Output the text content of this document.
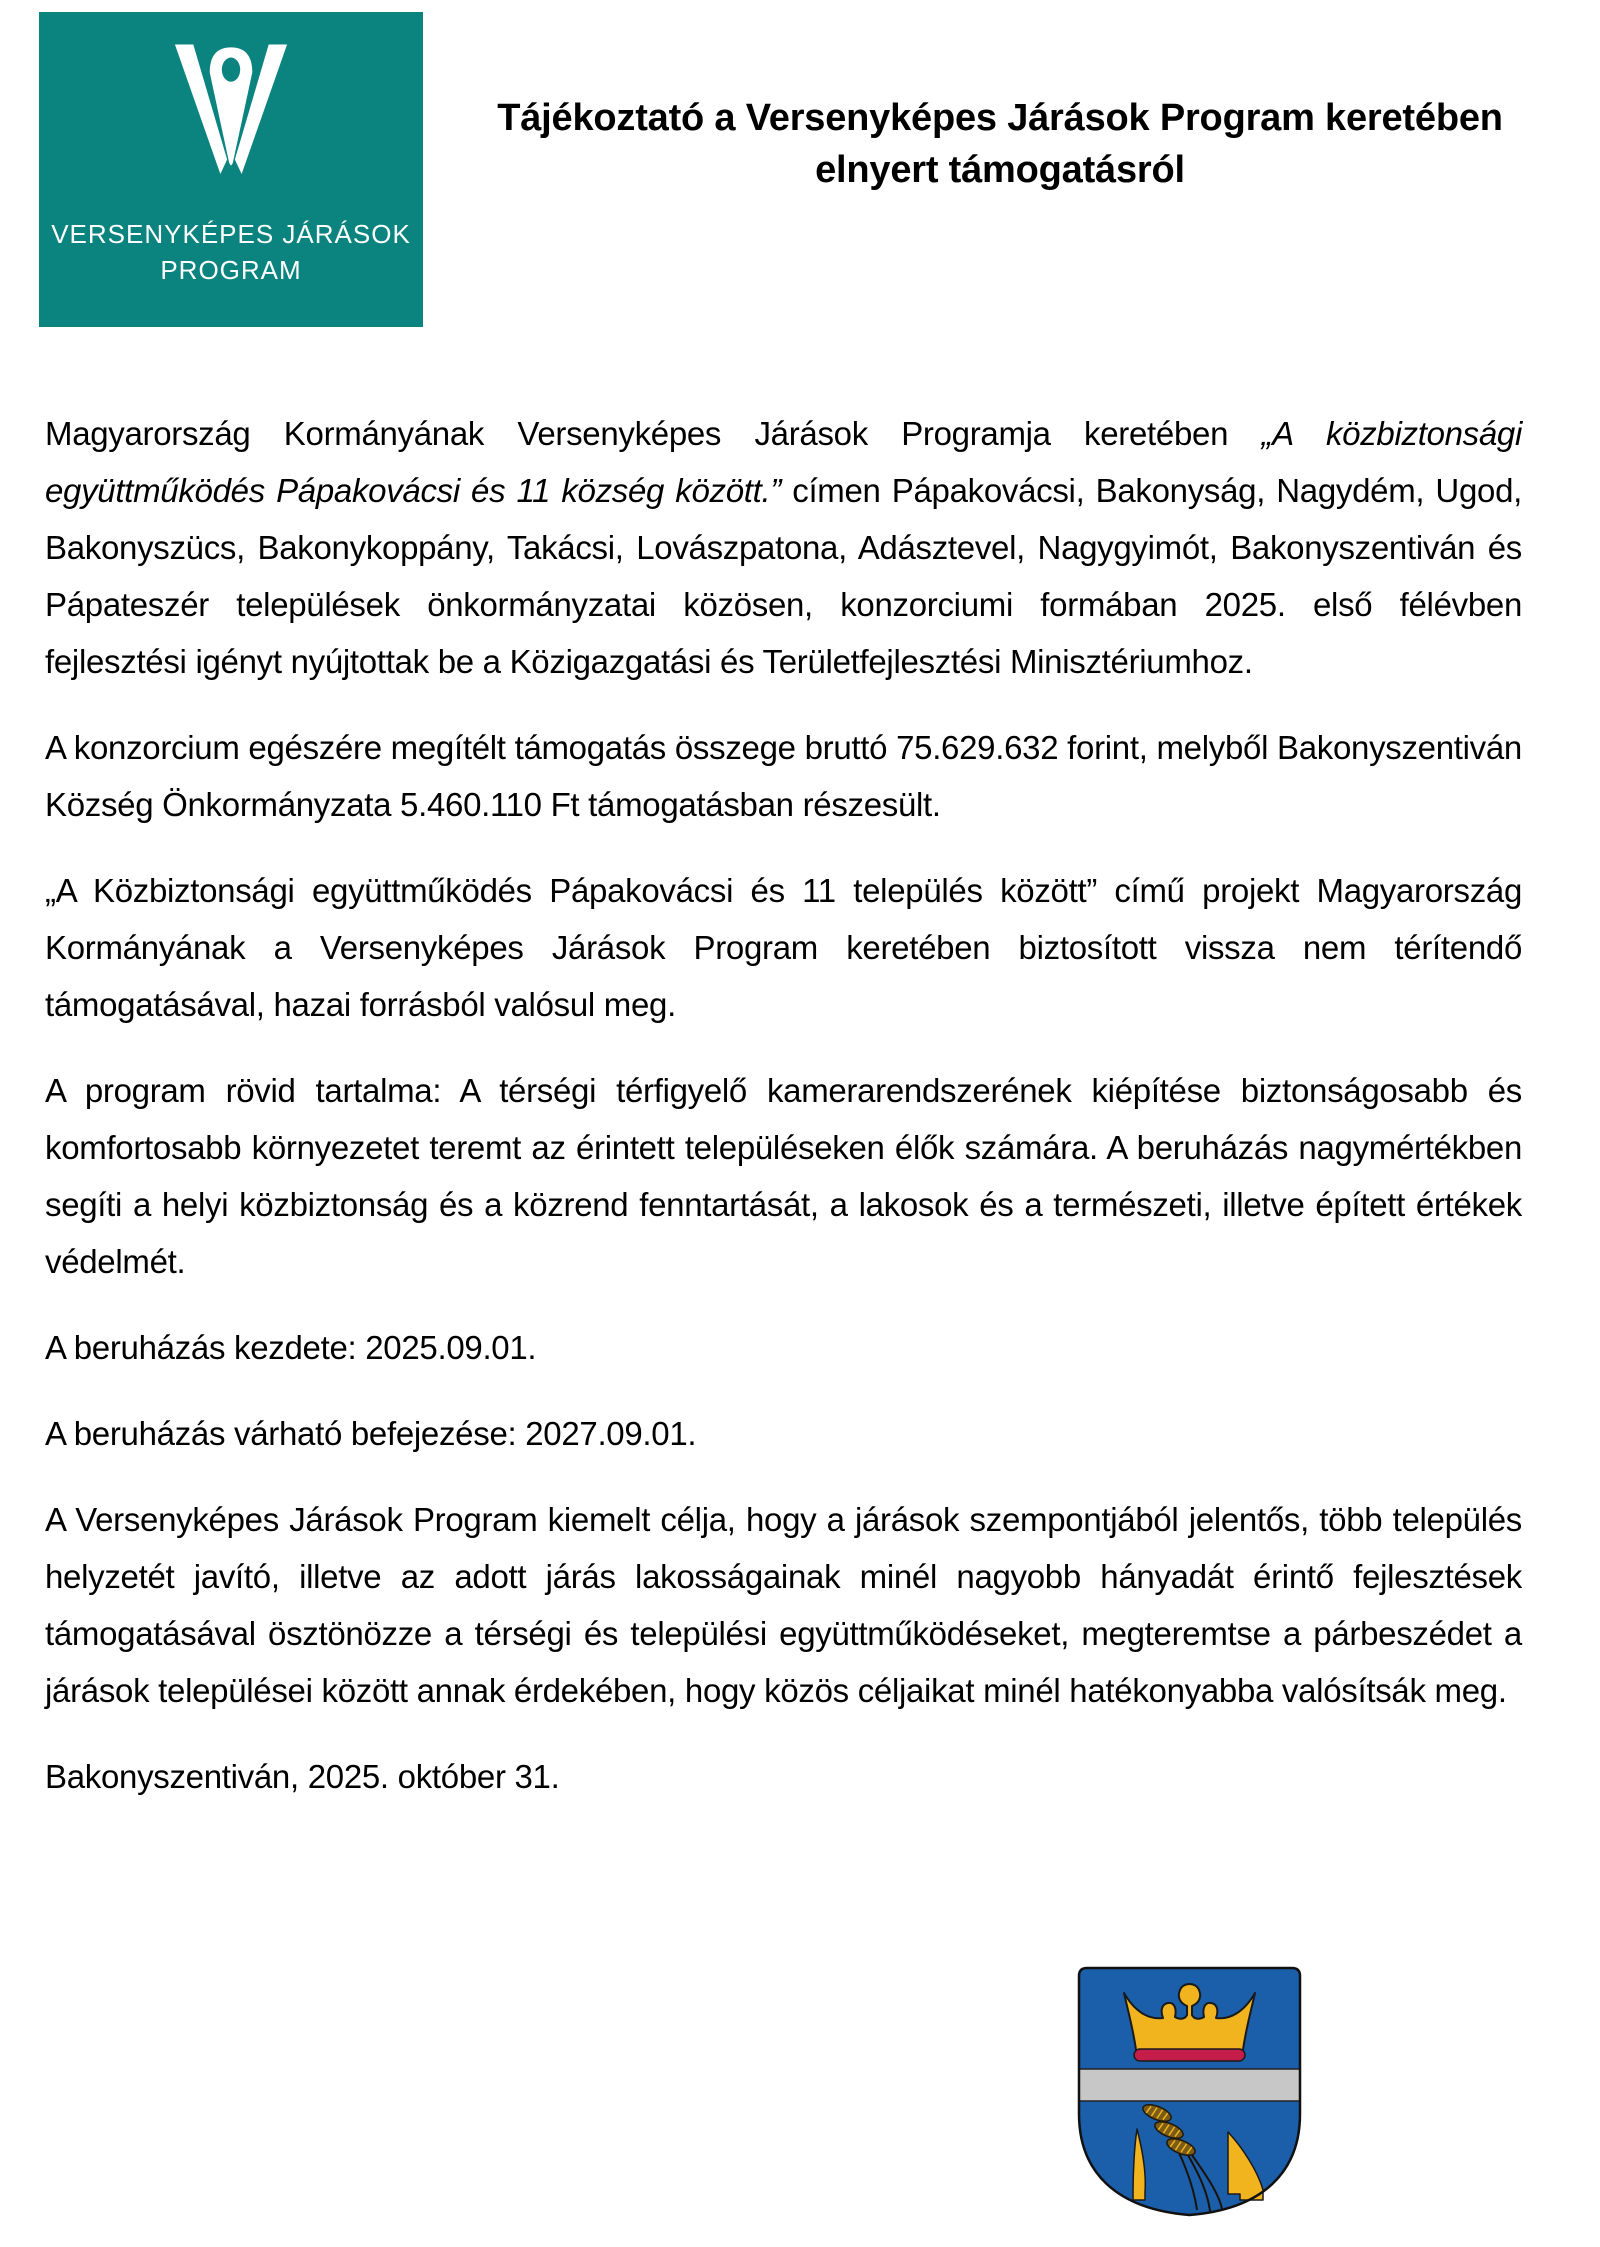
VERSENYKÉPES JÁRÁSOK
PROGRAM
Tájékoztató a Versenyképes Járások Program keretében
elnyert támogatásról

Magyarország Kormányának Versenyképes Járások Programja keretében „A közbiztonsági együttműködés Pápakovácsi és 11 község között.” címen Pápakovácsi, Bakonyság, Nagydém, Ugod, Bakonyszücs, Bakonykoppány, Takácsi, Lovászpatona, Adásztevel, Nagygyimót, Bakonyszentiván és Pápateszér települések önkormányzatai közösen, konzorciumi formában 2025. első félévben fejlesztési igényt nyújtottak be a Közigazgatási és Területfejlesztési Minisztériumhoz.

A konzorcium egészére megítélt támogatás összege bruttó 75.629.632 forint, melyből Bakonyszentiván Község Önkormányzata 5.460.110 Ft támogatásban részesült.

„A Közbiztonsági együttműködés Pápakovácsi és 11 település között” című projekt Magyarország Kormányának a Versenyképes Járások Program keretében biztosított vissza nem térítendő támogatásával, hazai forrásból valósul meg.

A program rövid tartalma: A térségi térfigyelő kamerarendszerének kiépítése biztonságosabb és komfortosabb környezetet teremt az érintett településeken élők számára. A beruházás nagymértékben segíti a helyi közbiztonság és a közrend fenntartását, a lakosok és a természeti, illetve épített értékek védelmét.

A beruházás kezdete: 2025.09.01.

A beruházás várható befejezése: 2027.09.01.

A Versenyképes Járások Program kiemelt célja, hogy a járások szempontjából jelentős, több település helyzetét javító, illetve az adott járás lakosságainak minél nagyobb hányadát érintő fejlesztések támogatásával ösztönözze a térségi és települési együttműködéseket, megteremtse a párbeszédet a járások települései között annak érdekében, hogy közös céljaikat minél hatékonyabba valósítsák meg.

Bakonyszentiván, 2025. október 31.
